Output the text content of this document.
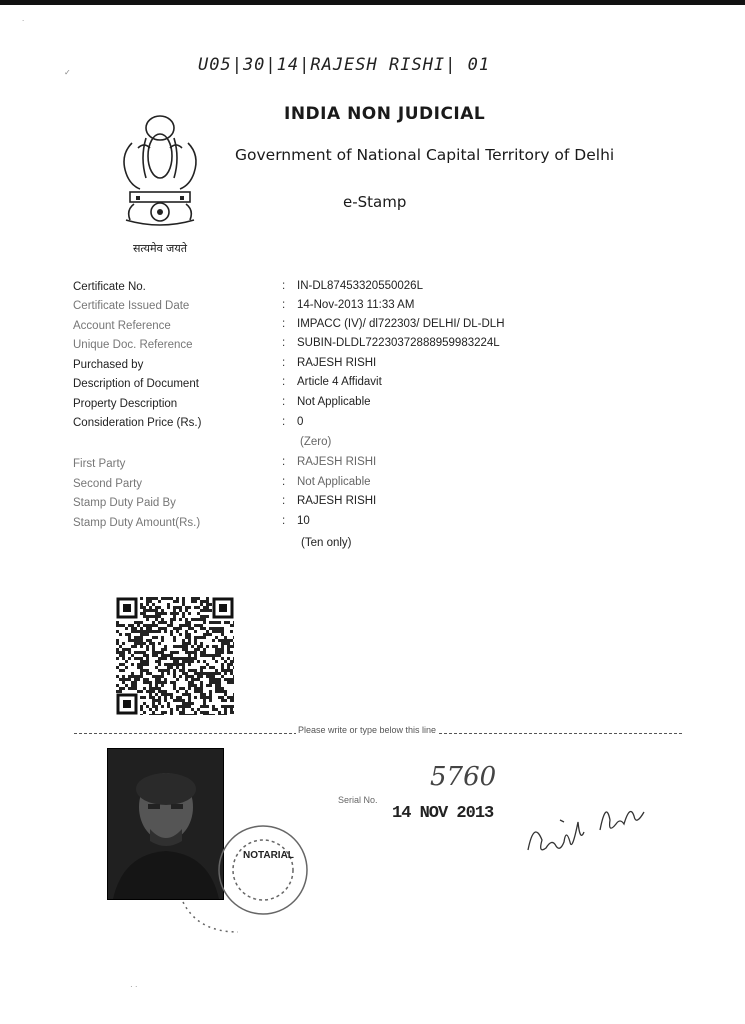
.
✓	U05|30|14|RAJESH RISHI| 01
सत्यमेव जयते
INDIA NON JUDICIAL
Government of National Capital Territory of Delhi
e-Stamp
Certificate No.	: IN-DL87453320550026L
Certificate Issued Date	: 14-Nov-2013 11:33 AM
Account Reference	: IMPACC (IV)/ dl722303/ DELHI/ DL-DLH
Unique Doc. Reference	: SUBIN-DLDL72230372888959983224L
Purchased by	: RAJESH RISHI
Description of Document	: Article 4 Affidavit
Property Description	: Not Applicable
Consideration Price (Rs.)	: 0
(Zero)
First Party	: RAJESH RISHI
Second Party	: Not Applicable
Stamp Duty Paid By	: RAJESH RISHI
Stamp Duty Amount(Rs.)	: 10
(Ten only)
Please write or type below this line
NOTARIAL
Serial No.
5760
14 NOV 2013
· ·
